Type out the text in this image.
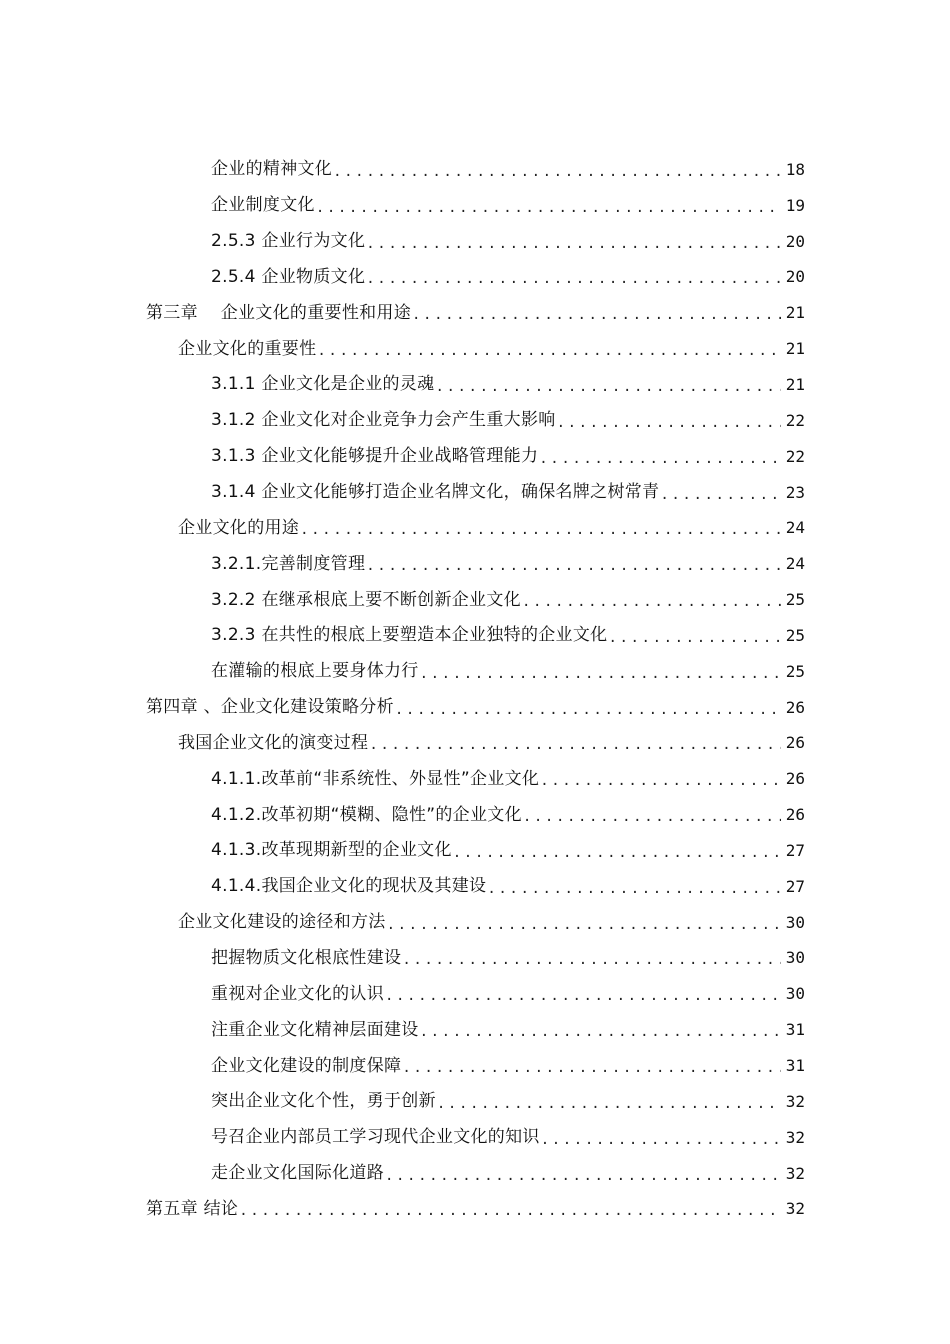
企业的精神文化 .....	18
企业制度文化 .....	19
2.5.3 企业行为文化 .....	20
2.5.4 企业物质文化 .....	20
第三章    企业文化的重要性和用途 .....	21
企业文化的重要性 .....	21
3.1.1 企业文化是企业的灵魂 .....	21
3.1.2 企业文化对企业竞争力会产生重大影响 .....	22
3.1.3 企业文化能够提升企业战略管理能力 .....	22
3.1.4 企业文化能够打造企业名牌文化，确保名牌之树常青 .....	23
企业文化的用途 .....	24
3.2.1.完善制度管理 .....	24
3.2.2 在继承根底上要不断创新企业文化 .....	25
3.2.3 在共性的根底上要塑造本企业独特的企业文化 .....	25
在灌输的根底上要身体力行 .....	25
第四章 、企业文化建设策略分析 .....	26
我国企业文化的演变过程 .....	26
4.1.1.改革前“非系统性、外显性”企业文化 .....	26
4.1.2.改革初期“模糊、隐性”的企业文化 .....	26
4.1.3.改革现期新型的企业文化 .....	27
4.1.4.我国企业文化的现状及其建设 .....	27
企业文化建设的途径和方法 .....	30
把握物质文化根底性建设 .....	30
重视对企业文化的认识 .....	30
注重企业文化精神层面建设 .....	31
企业文化建设的制度保障 .....	31
突出企业文化个性，勇于创新 .....	32
号召企业内部员工学习现代企业文化的知识 .....	32
走企业文化国际化道路 .....	32
第五章 结论 .....	32
